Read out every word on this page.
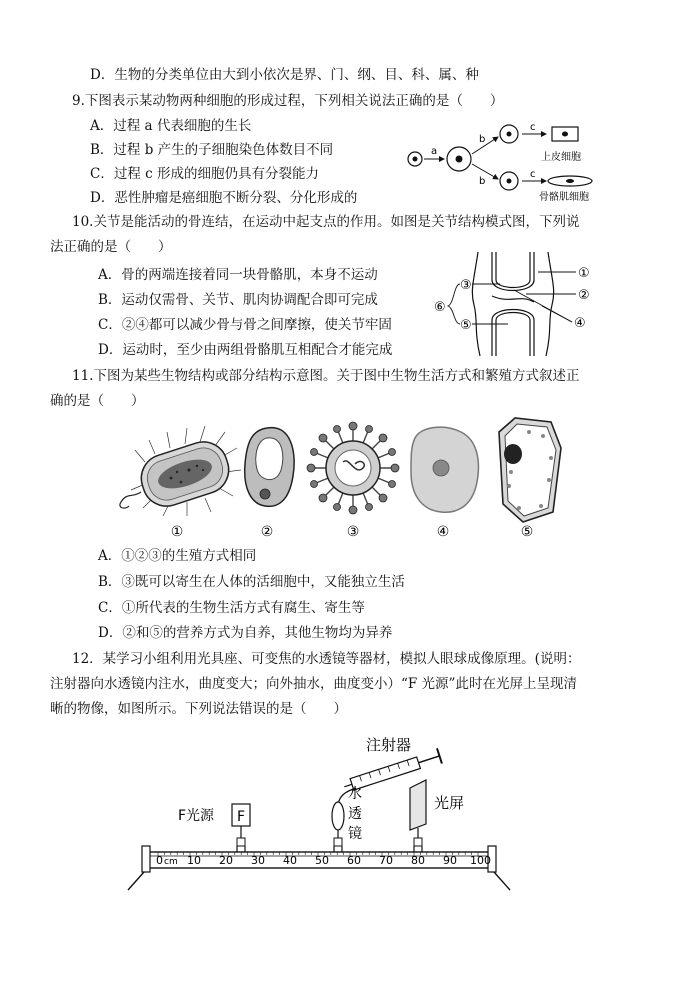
D．生物的分类单位由大到小依次是界、门、纲、目、科、属、种
9.下图表示某动物两种细胞的形成过程，下列相关说法正确的是（　　）
A．过程 a 代表细胞的生长
B．过程 b 产生的子细胞染色体数目不同
C．过程 c 形成的细胞仍具有分裂能力
D．恶性肿瘤是癌细胞不断分裂、分化形成的
10.关节是能活动的骨连结，在运动中起支点的作用。如图是关节结构模式图，下列说
法正确的是（　　）
A．骨的两端连接着同一块骨骼肌，本身不运动
B．运动仅需骨、关节、肌肉协调配合即可完成
C．②④都可以减少骨与骨之间摩擦，使关节牢固
D．运动时，至少由两组骨骼肌互相配合才能完成
11.下图为某些生物结构或部分结构示意图。关于图中生物生活方式和繁殖方式叙述正
确的是（　　）
A．①②③的生殖方式相同
B．③既可以寄生在人体的活细胞中，又能独立生活
C．①所代表的生物生活方式有腐生、寄生等
D．②和⑤的营养方式为自养，其他生物均为异养
12．某学习小组利用光具座、可变焦的水透镜等器材，模拟人眼球成像原理。(说明：
注射器向水透镜内注水，曲度变大；向外抽水，曲度变小）“F 光源”此时在光屏上呈现清
晰的物像，如图所示。下列说法错误的是（　　）
a
b
b
c
c
上皮细胞
骨骼肌细胞
①
②
③
④
⑤
⑥
①	②	③	④	⑤
注射器
水
透
镜
F
F光源
光屏
0 cm 10 20 30 40 50 60 70 80 90 100
